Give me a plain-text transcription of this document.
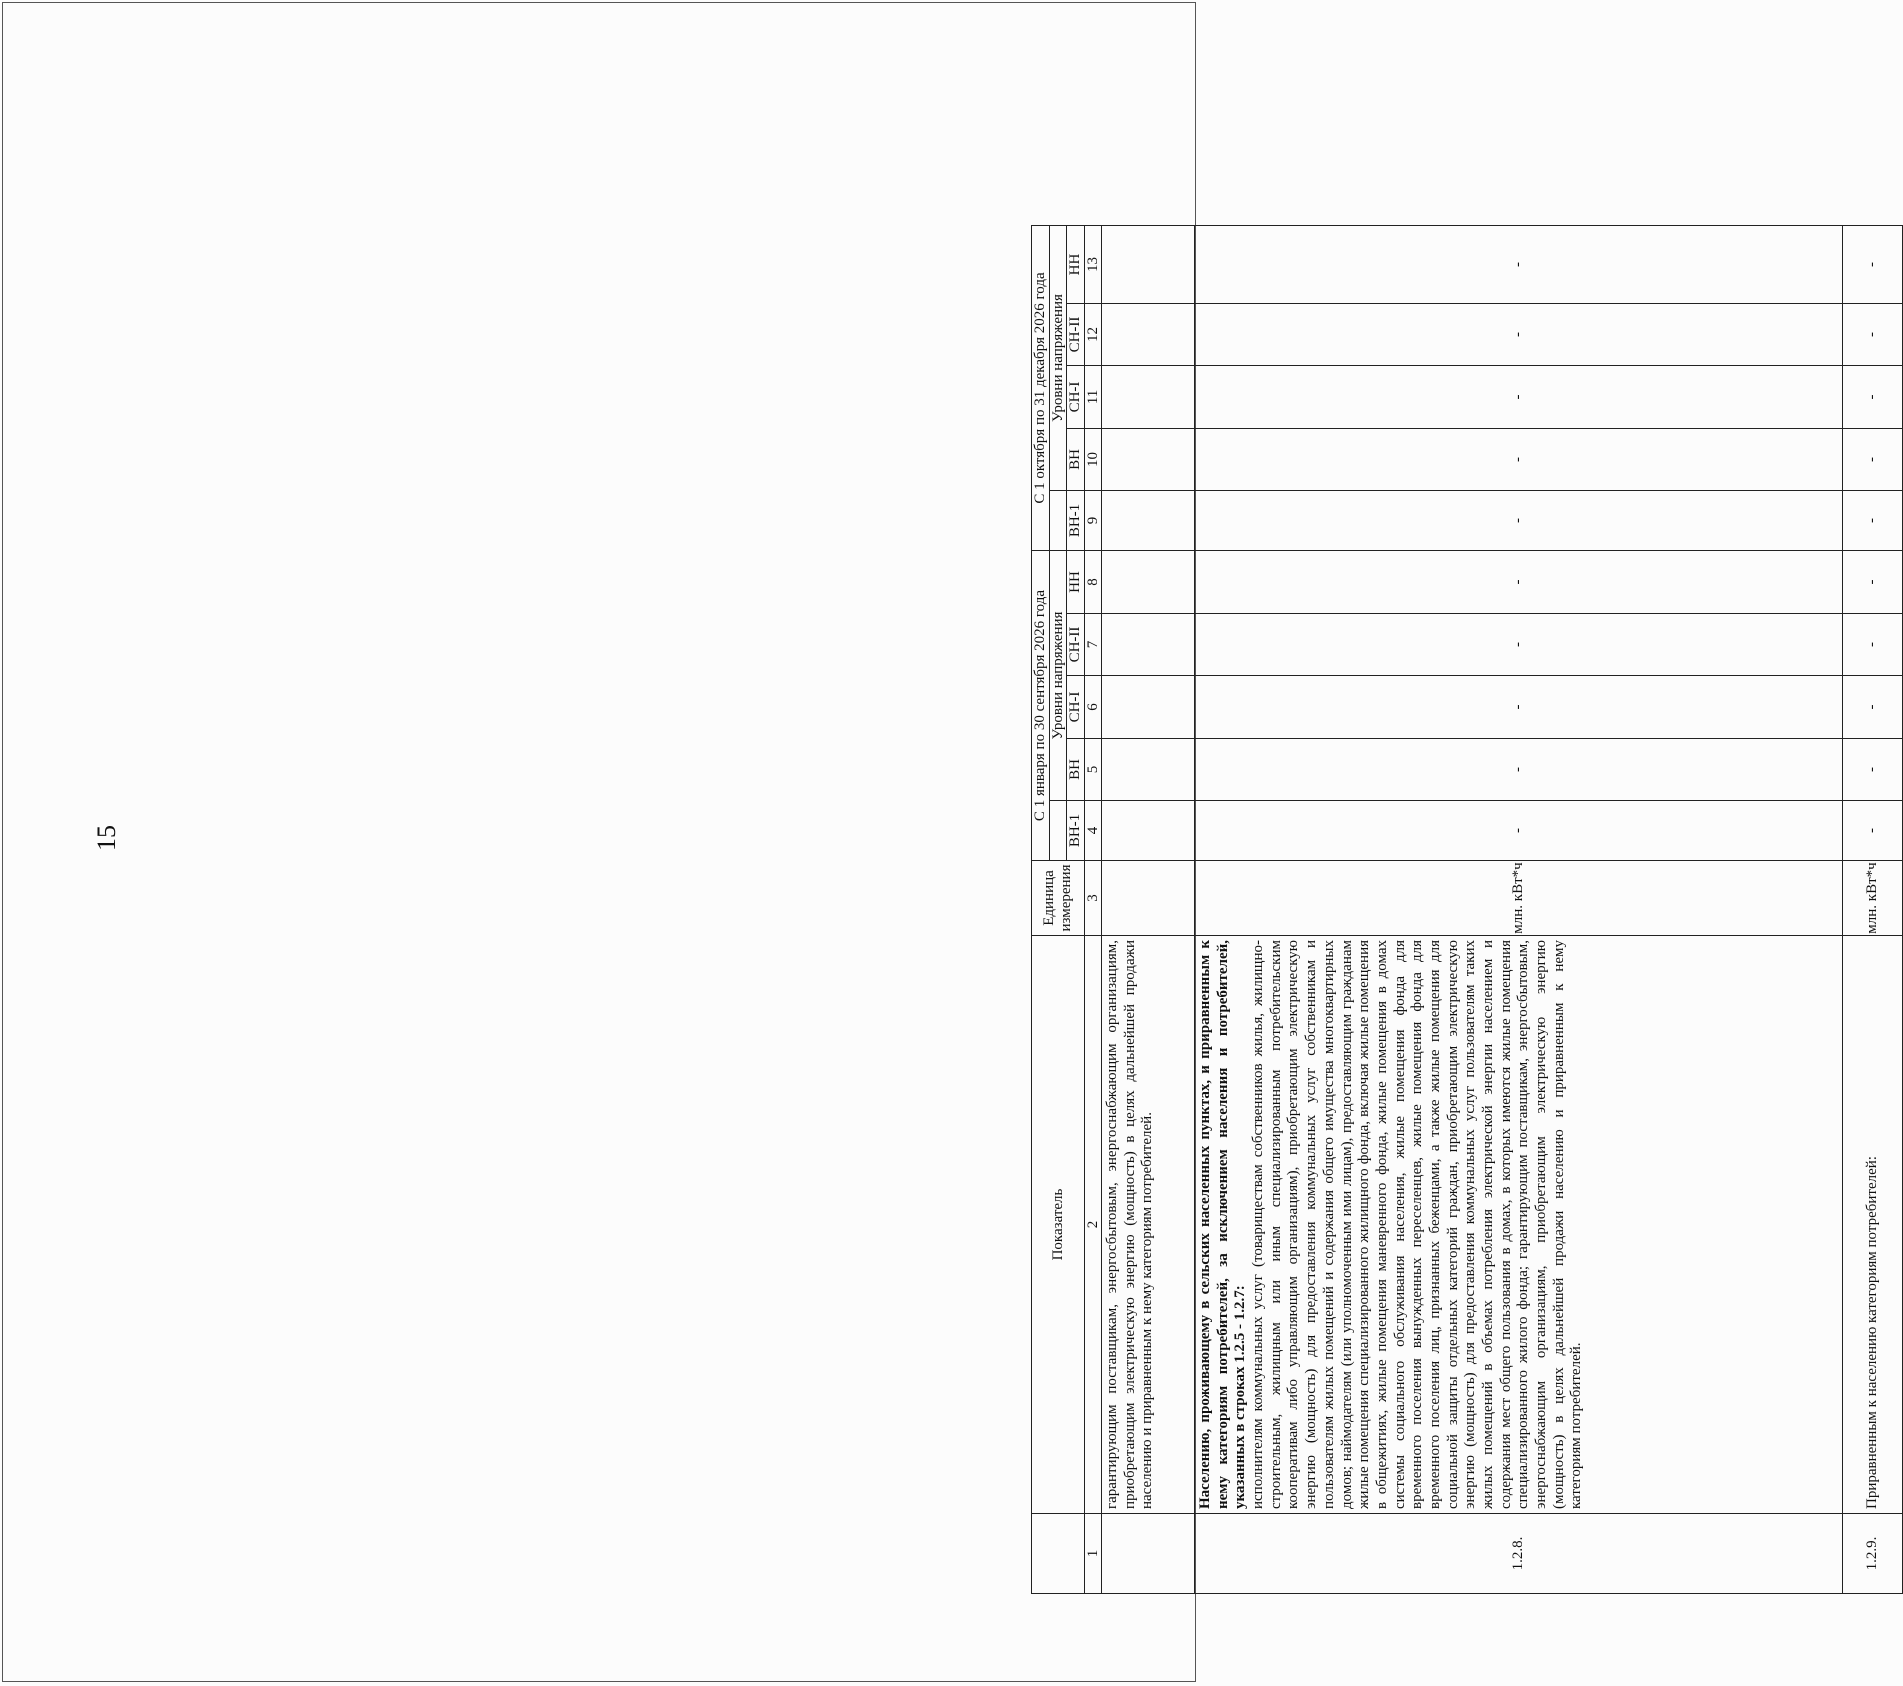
15
	Показатель	Единица измерения	С 1 января по 30 сентября 2026 года					С 1 октября по 31 декабря 2026 года				
				Уровни напряжения					Уровни напряжения			
			ВН-1	ВН	СН-I	СН-II	НН	ВН-1	ВН	СН-I	СН-II	НН
1	2	3	4	5	6	7	8	9	10	11	12	13
	гарантирующим поставщикам, энергосбытовым, энергоснабжающим организациям, приобретающим электрическую энергию (мощность) в целях дальнейшей продажи населению и приравненным к нему категориям потребителей.											
1.2.8.	Населению, проживающему в сельских населенных пунктах, и приравненным к нему категориям потребителей, за исключением населения и потребителей, указанных в строках 1.2.5 - 1.2.7: исполнителям коммунальных услуг (товариществам собственников жилья, жилищно-строительным, жилищным или иным специализированным потребительским кооперативам либо управляющим организациям), приобретающим электрическую энергию (мощность) для предоставления коммунальных услуг собственникам и пользователям жилых помещений и содержания общего имущества многоквартирных домов; наймодателям (или уполномоченным ими лицам), предоставляющим гражданам жилые помещения специализированного жилищного фонда, включая жилые помещения в общежитиях, жилые помещения маневренного фонда, жилые помещения в домах системы социального обслуживания населения, жилые помещения фонда для временного поселения вынужденных переселенцев, жилые помещения фонда для временного поселения лиц, признанных беженцами, а также жилые помещения для социальной защиты отдельных категорий граждан, приобретающим электрическую энергию (мощность) для предоставления коммунальных услуг пользователям таких жилых помещений в объемах потребления электрической энергии населением и содержания мест общего пользования в домах, в которых имеются жилые помещения специализированного жилого фонда; гарантирующим поставщикам, энергосбытовым, энергоснабжающим организациям, приобретающим электрическую энергию (мощность) в целях дальнейшей продажи населению и приравненным к нему категориям потребителей.	млн. кВт*ч	-	-	-	-	-	-	-	-	-	-
1.2.9.	Приравненным к населению категориям потребителей:	млн. кВт*ч	-	-	-	-	-	-	-	-	-	-
